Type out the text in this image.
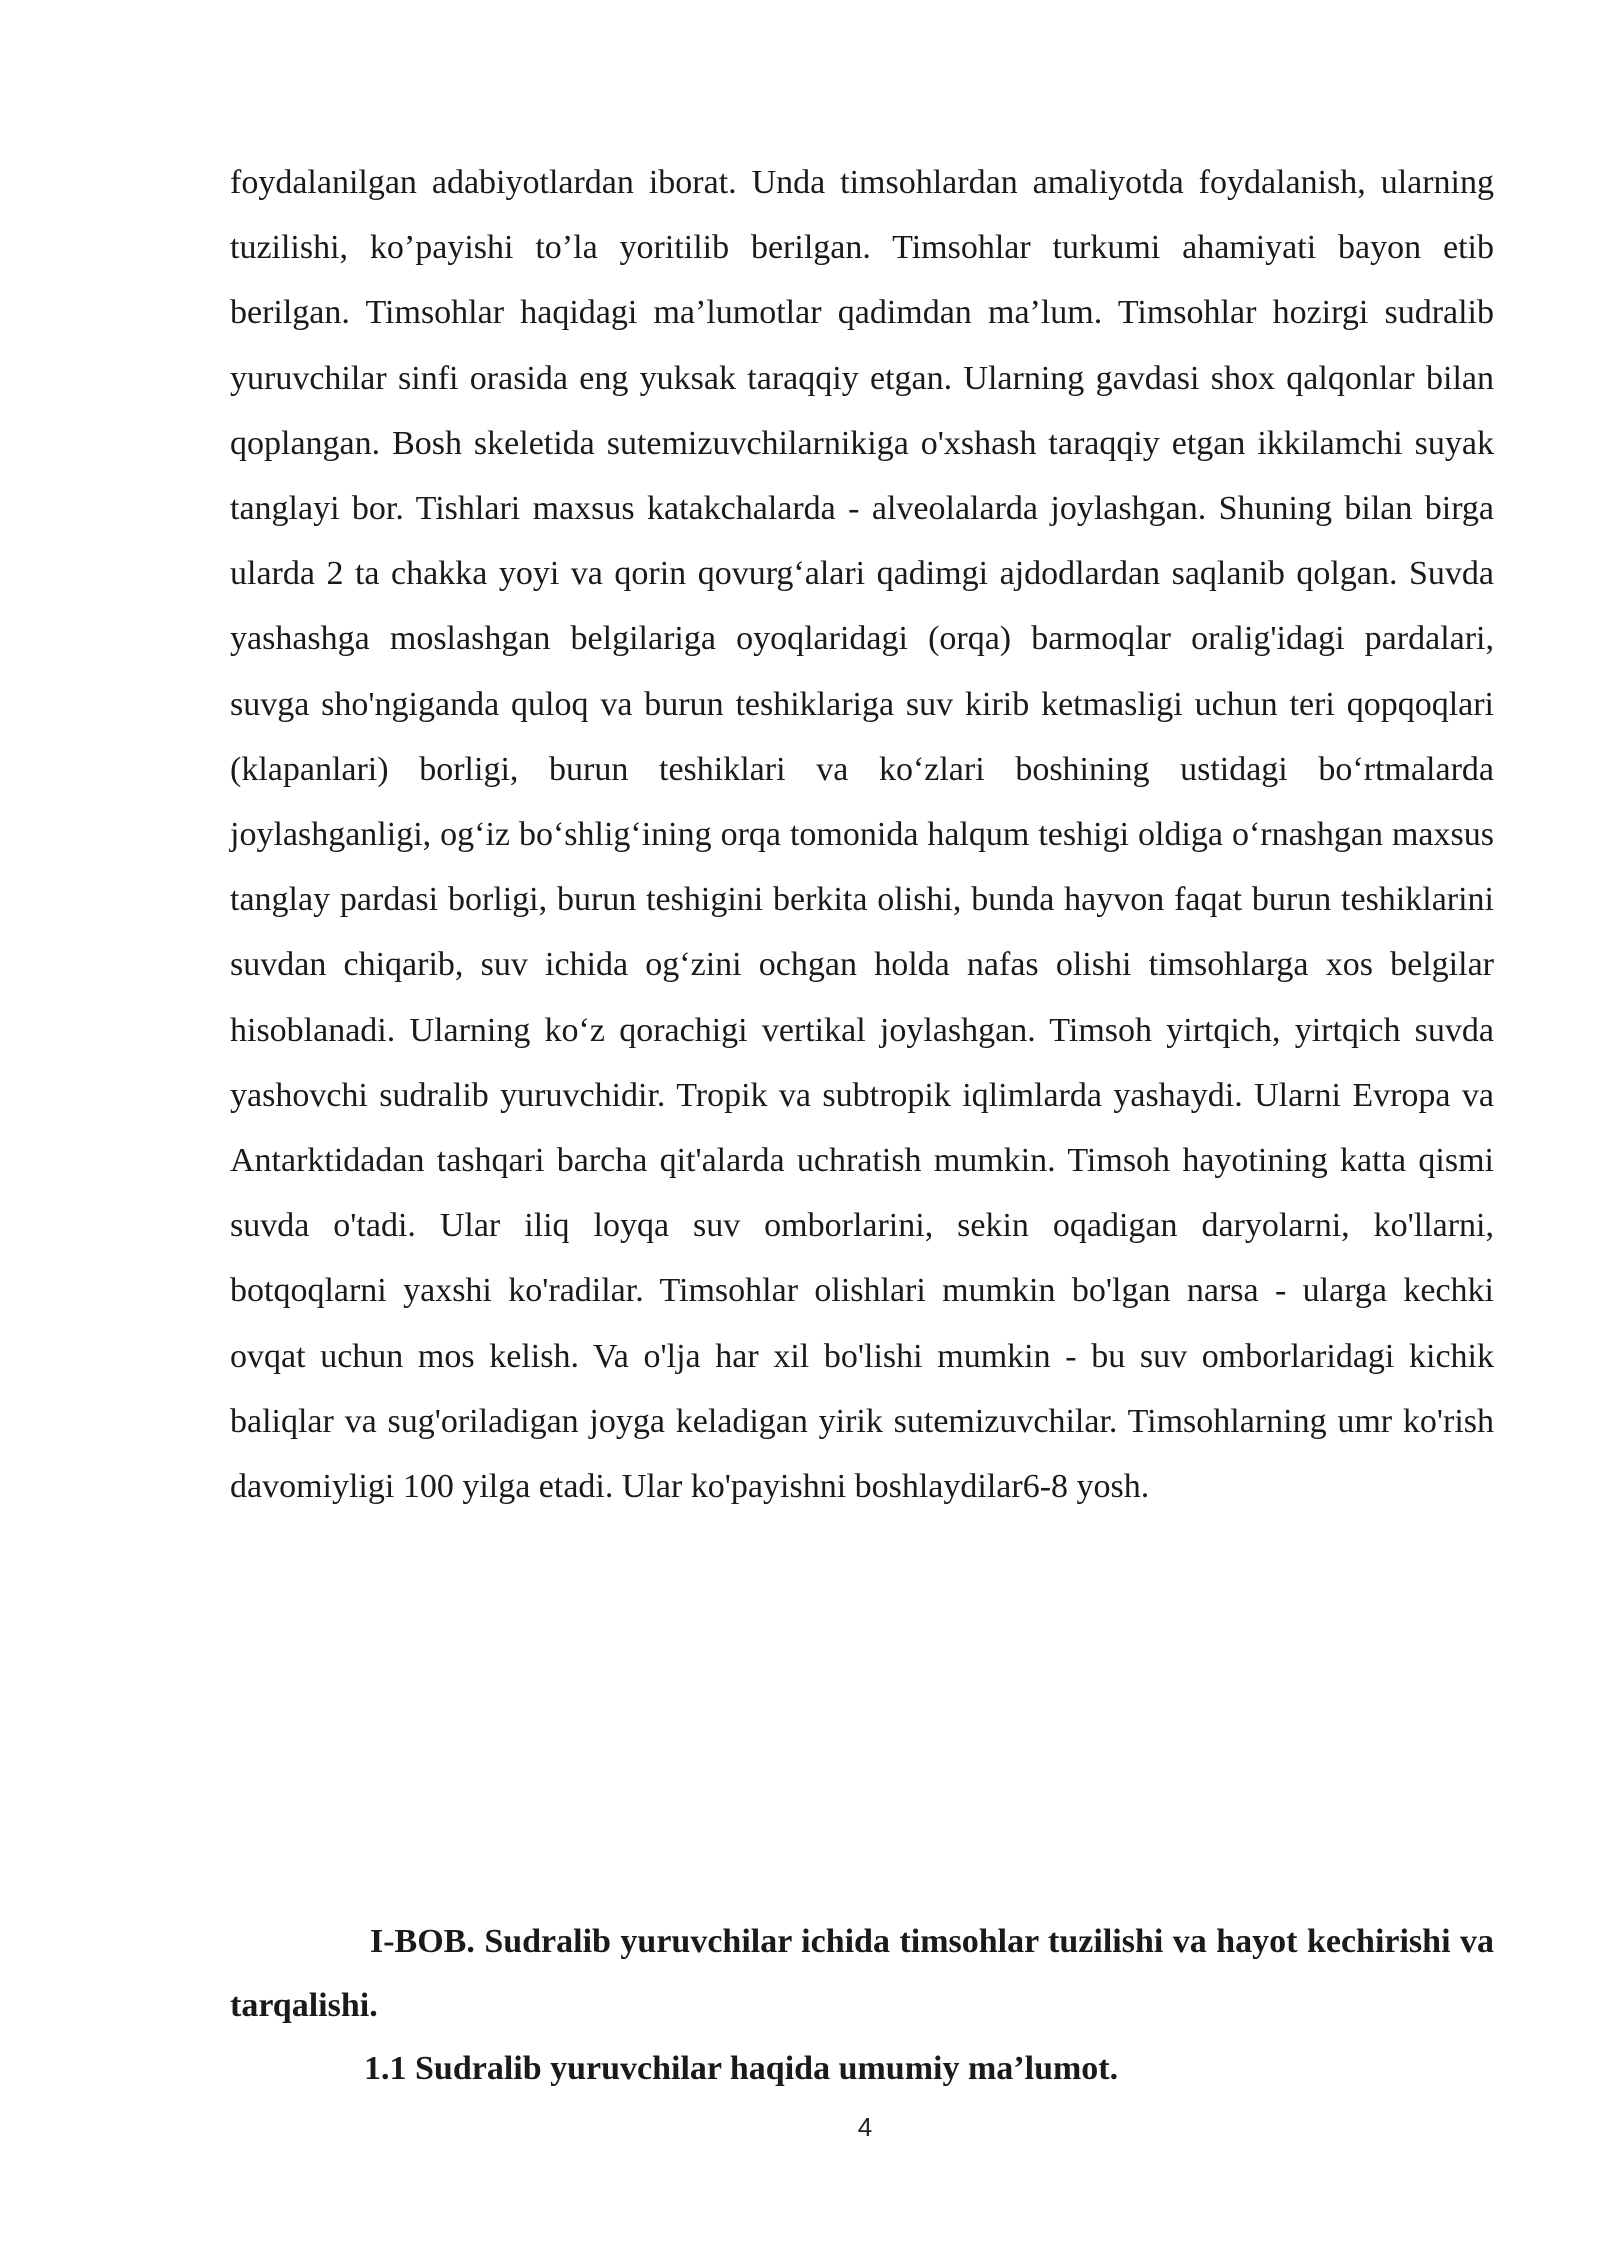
foydalanilgan adabiyotlardan iborat. Unda timsohlardan amaliyotda foydalanish, ularning tuzilishi, ko’payishi to’la yoritilib berilgan. Timsohlar turkumi ahamiyati bayon etib berilgan. Timsohlar haqidagi ma’lumotlar qadimdan ma’lum. Timsohlar hozirgi sudralib yuruvchilar sinfi orasida eng yuksak taraqqiy etgan. Ularning gavdasi shox qalqonlar bilan qoplangan. Bosh skeletida sutemizuvchilarnikiga o'xshash taraqqiy etgan ikkilamchi suyak tanglayi bor. Tishlari maxsus katakchalarda - alveolalarda joylashgan. Shuning bilan birga ularda 2 ta chakka yoyi va qorin qovurg‘alari qadimgi ajdodlardan saqlanib qolgan. Suvda yashashga moslashgan belgilariga oyoqlaridagi (orqa) barmoqlar oralig'idagi pardalari, suvga sho'ngiganda quloq va burun teshiklariga suv kirib ketmasligi uchun teri qopqoqlari (klapanlari) borligi, burun teshiklari va ko‘zlari boshining ustidagi bo‘rtmalarda joylashganligi, og‘iz bo‘shlig‘ining orqa tomonida halqum teshigi oldiga o‘rnashgan maxsus tanglay pardasi borligi, burun teshigini berkita olishi, bunda hayvon faqat burun teshiklarini suvdan chiqarib, suv ichida og‘zini ochgan holda nafas olishi timsohlarga xos belgilar hisoblanadi. Ularning ko‘z qorachigi vertikal joylashgan. Timsoh yirtqich, yirtqich suvda yashovchi sudralib yuruvchidir. Tropik va subtropik iqlimlarda yashaydi. Ularni Evropa va Antarktidadan tashqari barcha qit'alarda uchratish mumkin. Timsoh hayotining katta qismi suvda o'tadi. Ular iliq loyqa suv omborlarini, sekin oqadigan daryolarni, ko'llarni, botqoqlarni yaxshi ko'radilar. Timsohlar olishlari mumkin bo'lgan narsa - ularga kechki ovqat uchun mos kelish. Va o'lja har xil bo'lishi mumkin - bu suv omborlaridagi kichik baliqlar va sug'oriladigan joyga keladigan yirik sutemizuvchilar. Timsohlarning umr ko'rish davomiyligi 100 yilga etadi. Ular ko'payishni boshlaydilar6-8 yosh.

I-BOB. Sudralib yuruvchilar ichida timsohlar tuzilishi va hayot kechirishi va tarqalishi.

1.1 Sudralib yuruvchilar haqida umumiy ma’lumot.

4
